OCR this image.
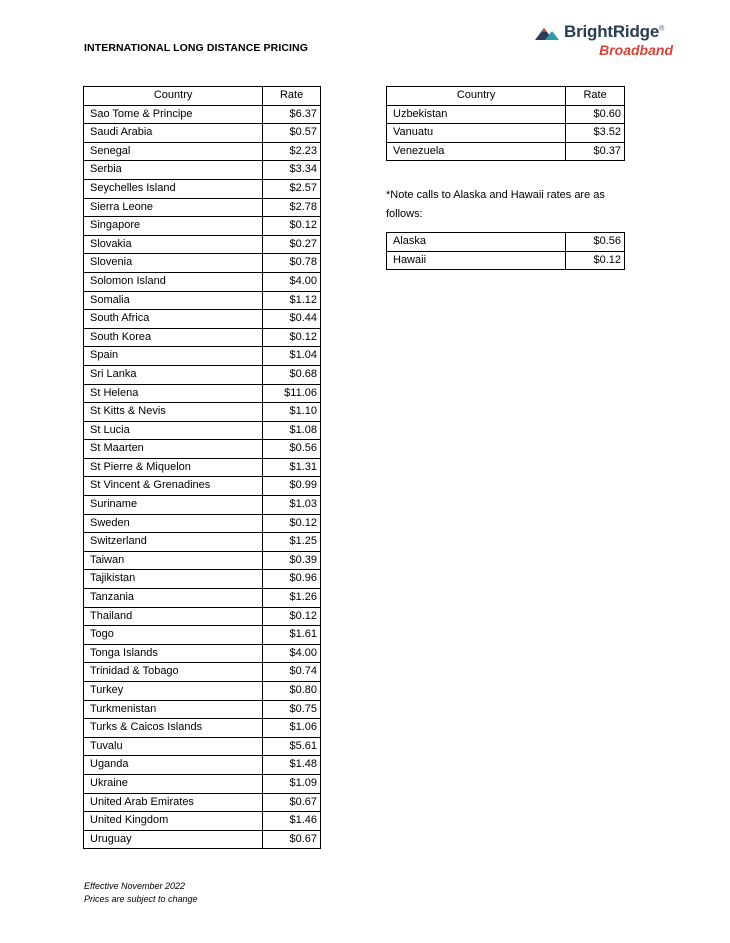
INTERNATIONAL LONG DISTANCE PRICING
BrightRidge®
Broadband
Country	Rate
Sao Tome & Principe	$6.37
Saudi Arabia	$0.57
Senegal	$2.23
Serbia	$3.34
Seychelles Island	$2.57
Sierra Leone	$2.78
Singapore	$0.12
Slovakia	$0.27
Slovenia	$0.78
Solomon Island	$4.00
Somalia	$1.12
South Africa	$0.44
South Korea	$0.12
Spain	$1.04
Sri Lanka	$0.68
St Helena	$11.06
St Kitts & Nevis	$1.10
St Lucia	$1.08
St Maarten	$0.56
St Pierre & Miquelon	$1.31
St Vincent & Grenadines	$0.99
Suriname	$1.03
Sweden	$0.12
Switzerland	$1.25
Taiwan	$0.39
Tajikistan	$0.96
Tanzania	$1.26
Thailand	$0.12
Togo	$1.61
Tonga Islands	$4.00
Trinidad & Tobago	$0.74
Turkey	$0.80
Turkmenistan	$0.75
Turks & Caicos Islands	$1.06
Tuvalu	$5.61
Uganda	$1.48
Ukraine	$1.09
United Arab Emirates	$0.67
United Kingdom	$1.46
Uruguay	$0.67
Country	Rate
Uzbekistan	$0.60
Vanuatu	$3.52
Venezuela	$0.37
*Note calls to Alaska and Hawaii rates are as follows:
Alaska	$0.56
Hawaii	$0.12
Effective November 2022
Prices are subject to change
